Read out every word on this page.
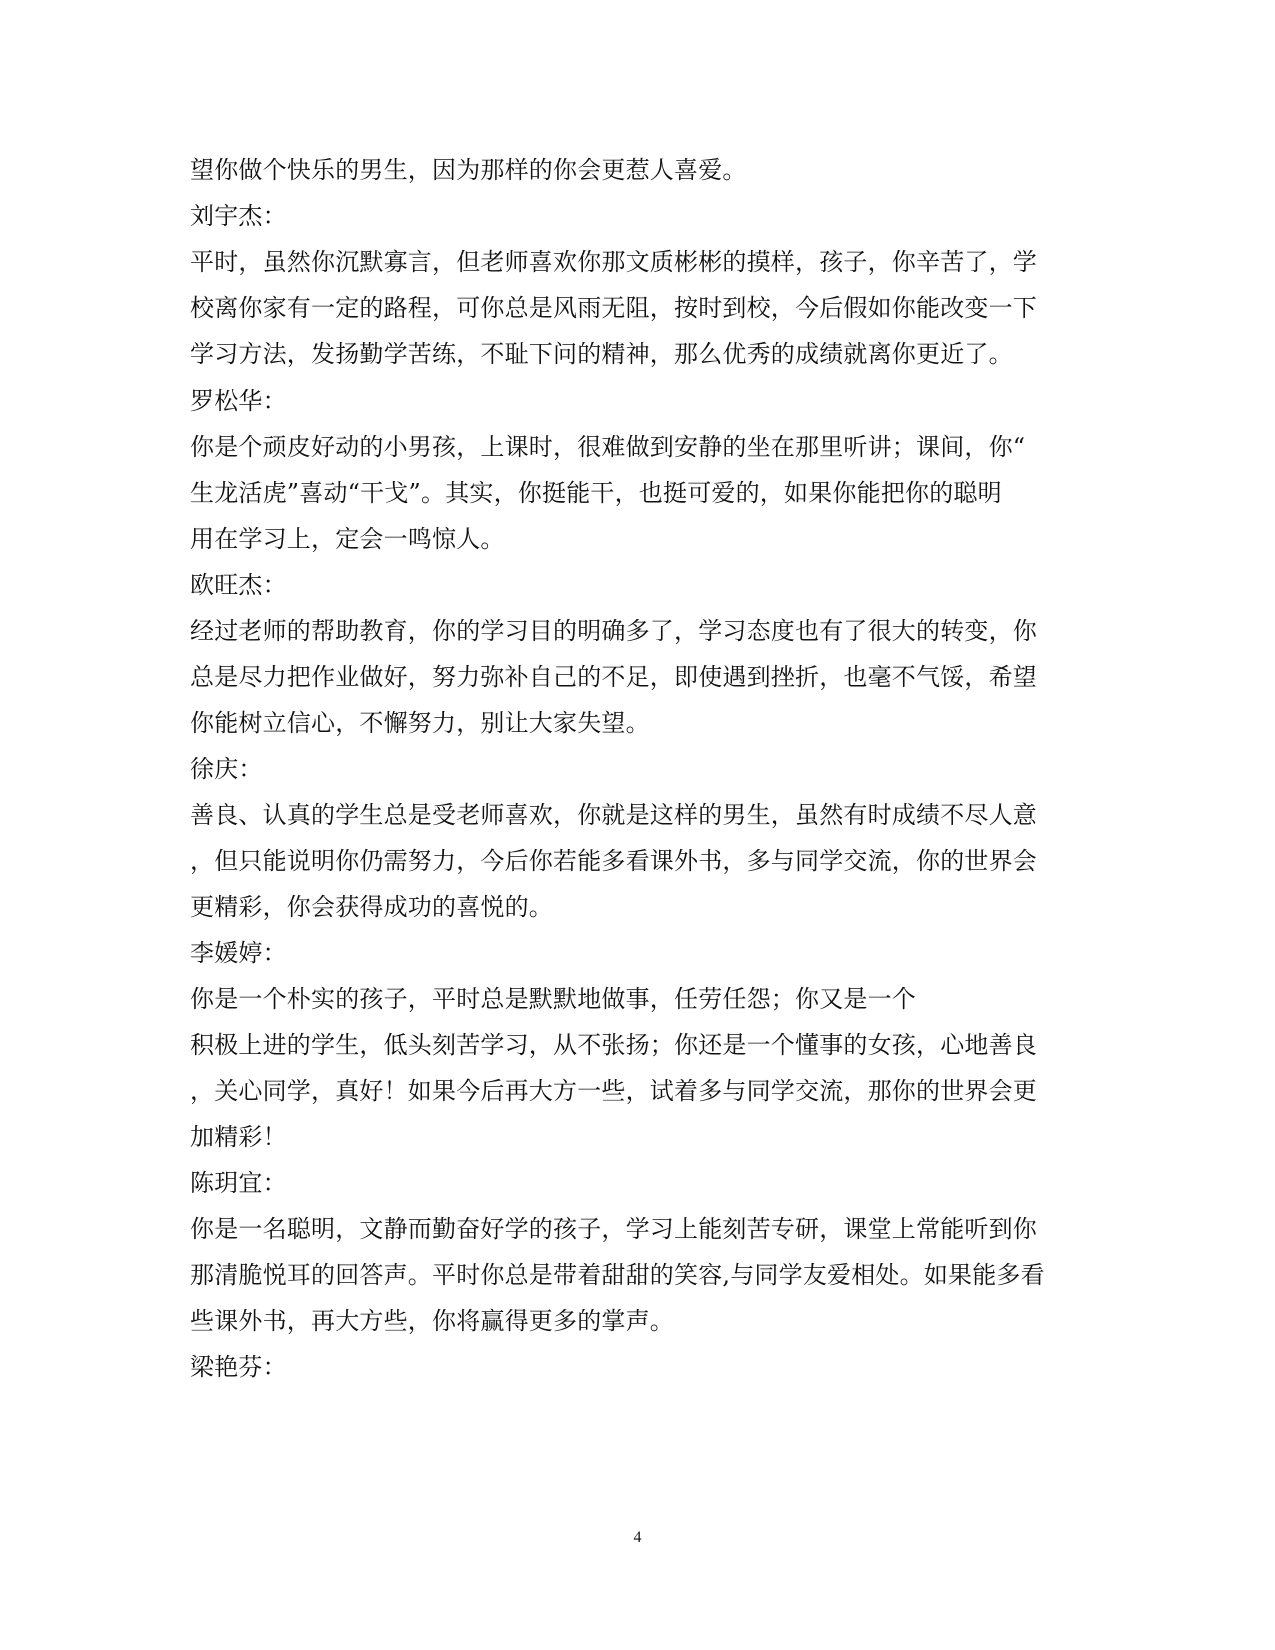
望你做个快乐的男生，因为那样的你会更惹人喜爱。
刘宇杰：
平时，虽然你沉默寡言，但老师喜欢你那文质彬彬的摸样，孩子，你辛苦了，学
校离你家有一定的路程，可你总是风雨无阻，按时到校，今后假如你能改变一下
学习方法，发扬勤学苦练，不耻下问的精神，那么优秀的成绩就离你更近了。
罗松华：
你是个顽皮好动的小男孩，上课时，很难做到安静的坐在那里听讲；课间，你“
生龙活虎”喜动“干戈”。其实，你挺能干，也挺可爱的，如果你能把你的聪明
用在学习上，定会一鸣惊人。
欧旺杰：
经过老师的帮助教育，你的学习目的明确多了，学习态度也有了很大的转变，你
总是尽力把作业做好，努力弥补自己的不足，即使遇到挫折，也毫不气馁，希望
你能树立信心，不懈努力，别让大家失望。
徐庆：
善良、认真的学生总是受老师喜欢，你就是这样的男生，虽然有时成绩不尽人意
，但只能说明你仍需努力，今后你若能多看课外书，多与同学交流，你的世界会
更精彩，你会获得成功的喜悦的。
李媛婷：
你是一个朴实的孩子，平时总是默默地做事，任劳任怨；你又是一个
积极上进的学生，低头刻苦学习，从不张扬；你还是一个懂事的女孩，心地善良
，关心同学，真好！如果今后再大方一些，试着多与同学交流，那你的世界会更
加精彩！
陈玥宜：
你是一名聪明，文静而勤奋好学的孩子，学习上能刻苦专研，课堂上常能听到你
那清脆悦耳的回答声。平时你总是带着甜甜的笑容,与同学友爱相处。如果能多看
些课外书，再大方些，你将赢得更多的掌声。
梁艳芬：
4
